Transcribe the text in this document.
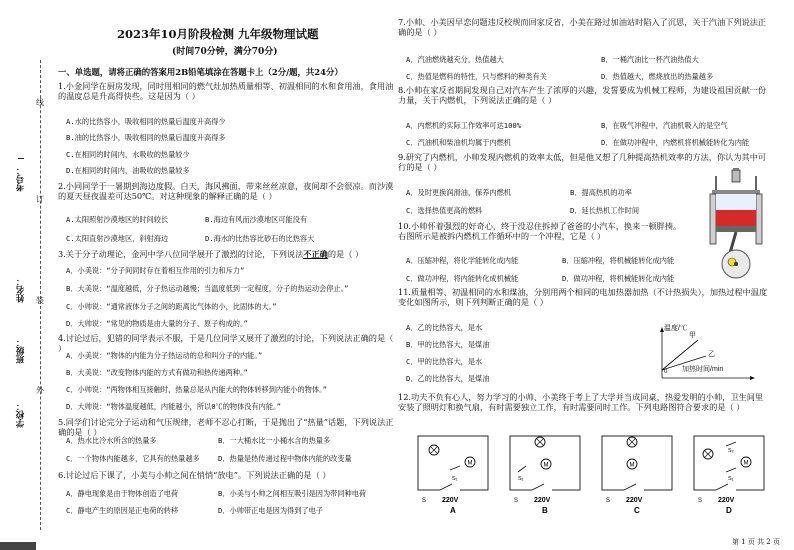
考号：
姓名：
班级：
学校：
线
订
装
外
2023年10月阶段检测 九年级物理试题
(时间70分钟，满分70分)
一、单选题，请将正确的答案用2B铅笔填涂在答题卡上（2分/题，共24分）
1.小金同学在厨房发现，同时用相同的燃气灶加热质量相等、初温相同的水和食用油，食用油的温度总是升高得快些。这是因为（ ）
A.水的比热容小，吸收相同的热量后温度升高得少
B.油的比热容小，吸收相同的热量后温度升高得多
C.在相同的时间内，水吸收的热量较少
D.在相同的时间内，油吸收的热量较多
2.小同同学于一暑期到海边度假。白天，海风拂面，带来丝丝凉意，夜间却不会很凉。而沙漠的夏天昼夜温差可达50℃。对这种现象的解释正确的是（ ）
A.太阳照射沙漠地区的时间较长	B.海边有风而沙漠地区可能没有
C.太阳直射沙漠地区，斜射海边	D.海水的比热容比砂石的比热容大
3.关于分子动理论，金河中学八位同学展开了激烈的讨论，下列说法不正确的是（ ）
A．小美说：“分子间同时存在着相互作用的引力和斥力”
B．大美说：“温度越低，分子热运动越慢；当温度低到一定程度，分子的热运动会停止。”
C．小帅说：“通常液体分子之间的距离比气体的小，比固体的大。”
D．大帅说：“常见的物质是由大量的分子、原子构成的。”
4.讨论过后，犯错的同学表示不服，于是几位同学又展开了激烈的讨论，下列说法正确的是（ ）
A．小美说：“物体的内能为分子热运动的总和叫分子的内能。”
B．大美说：“改变物体内能的方式有做功和热传递两种。”
C．小帅说：“两物体相互接触时，热量总是从内能大的物体转移到内能小的物体。”
D．大帅说：“物体温度越低，内能越小，所以0℃的物体没有内能。”
5.同学们讨论完分子运动和气压规律，老师不忍心打断，于是抛出了“热量”话题，下列说法正确的是（ ）
A．热水比冷水所含的热量多	B．一大桶水比一小桶水含的热量多
C．一个物体内能越多，它具有的热量越多	D．热量是热传递过程中物体内能的改变量
6.讨论过后下课了，小美与小帅之间在悄悄“放电”。下列说法正确的是（ ）
A．静电现象是由于物体创造了电荷	B．小美与小帅之间相互吸引是因为带同种电荷
C．静电产生的原因是正电荷的转移	D．小帅带正电是因为得到了电子
7.小帅、小美因早恋问题违反校规而回家反省，小美在路过加油站时陷入了沉思，关于汽油下列说法正确的是（ ）
A．汽油燃烧越充分，热值越大	B．一桶汽油比一杯汽油热值大
C．热值是燃料的特性，只与燃料的种类有关	D．热值越大，燃烧放出的热量越多
8.小帅在家反省期间发现自己对汽车产生了浓厚的兴趣，发誓要成为机械工程师，为建设祖国贡献一份力量，关于内燃机，下列说法正确的是（ ）
A．内燃机的实际工作效率可达100%	B．在吸气冲程中，汽油机吸入的是空气
C．汽油机和柴油机均属于内燃机	D．在做功冲程中，内燃机将机械能转化为内能
9.研究了内燃机，小帅发现内燃机的效率太低，但是他又想了几种提高热机效率的方法，你认为其中可行的是（ ）
A．及时更换润滑油，保养内燃机	B．提高热机的功率
C．选择热值更高的燃料	D．延长热机工作时间
10.小帅怀着强烈的好奇心，终于没忍住拆掉了爸爸的小汽车，换来一顿胖揍。右图所示是被拆内燃机工作循环中的一个冲程，它是（ ）
A．压缩冲程，将化学能转化成内能	B．压缩冲程，将机械能转化成内能
C．做功冲程，将内能转化成机械能	D．做功冲程，将机械能转化成内能
11.质量相等、初温相同的水和煤油，分别用两个相同的电加热器加热（不计热损失），加热过程中温度变化如图所示，则下列判断正确的是（ ）
A．乙的比热容大，是水
B．甲的比热容大，是煤油
C．甲的比热容大，是水
D．乙的比热容大，是煤油
温度/℃
甲
乙
0 加热时间/min
12.功夫不负有心人，努力学习的小帅、小美终于考上了大学并当成同桌，热爱发明的小帅，卫生间里安装了照明灯和换气扇，有时需要独立工作，有时需要同时工作。下列电路图符合要求的是（ ）
M
S₁
S 220V
A
M
S₁
S 220V
B
M
S 220V
C
M
S₂
S₁
S 220V
D
第 1 页 共 2 页
